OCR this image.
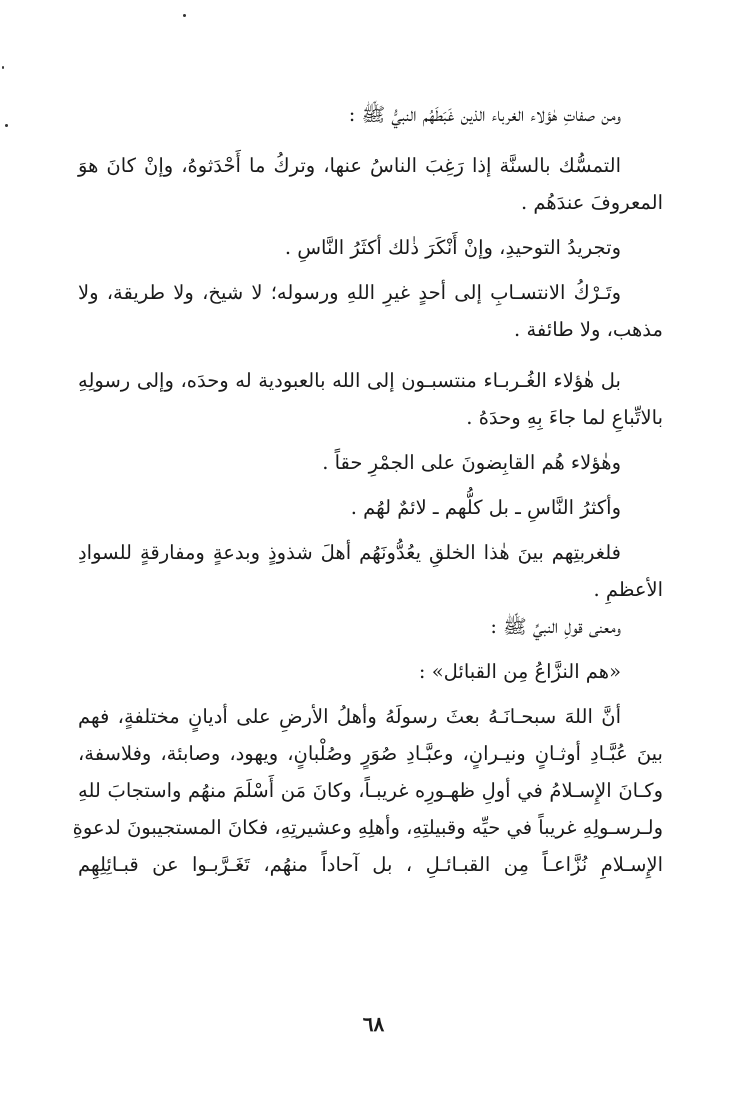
ومن صفاتِ هٰؤلاء الغرباء الذين غَبَطَهُم النبيُّ ﷺ :

التمسُّك بالسنَّة إذا رَغِبَ الناسُ عنها، وتركُ ما أَحْدَثوهُ، وإنْ كانَ هوَ

المعروفَ عندَهُم .

وتجريدُ التوحيدِ، وإنْ أَنْكَرَ ذٰلك أكثَرُ النَّاسِ .

وتَـرْكُ الانتسـابِ إلى أحدٍ غيرِ اللهِ ورسوله؛ لا شيخ، ولا طريقة، ولا

مذهب، ولا طائفة .

بل هٰؤلاء الغُـربـاء منتسبـون إلى الله بالعبودية له وحدَه، وإلى رسولِهِ

بالاتِّباعِ لما جاءَ بِهِ وحدَهُ .

وهٰؤلاء هُم القابِضونَ على الجمْرِ حقاً .

وأكثرُ النَّاسِ ـ بل كلُّهم ـ لائمٌ لهُم .

فلغربتِهم بينَ هٰذا الخلقِ يعُدُّونَهُم أهلَ شذوذٍ وبدعةٍ ومفارقةٍ للسوادِ

الأعظمِ .

ومعنى قولِ النبيِّ ﷺ :

«هم النزَّاعُ مِن القبائل» :

أنَّ اللهَ سبحـانَـهُ بعثَ رسولَهُ وأهلُ الأرضِ على أديانٍ مختلفةٍ، فهم

بينَ عُبَّـادِ أوثـانٍ ونيـرانٍ، وعبَّـادِ صُوَرٍ وصُلْبانٍ، ويهود، وصابئة، وفلاسفة،

وكـانَ الإِسـلامُ في أولِ ظهـورِه غريبـاً، وكانَ مَن أَسْلَمَ منهُم واستجابَ للهِ

ولـرسـولِهِ غريباً في حيِّه وقبيلتِهِ، وأهلِهِ وعشيرتِهِ، فكانَ المستجيبونَ لدعوةِ

الإِسـلامِ نُزَّاعـاً مِن القبـائـلِ ، بل آحاداً منهُم، تَغَـرَّبـوا عن قبـائِلِهِم

٦٨
